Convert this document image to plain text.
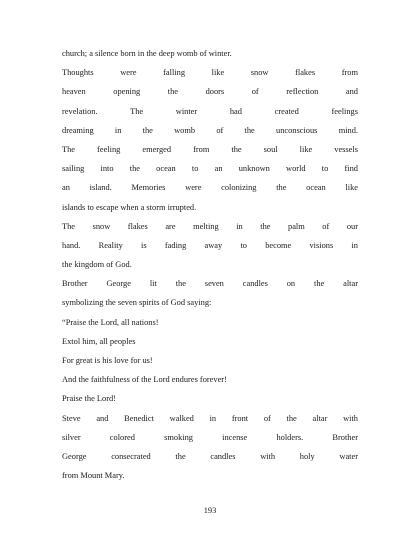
church; a silence born in the deep womb of winter.
Thoughts were falling like snow flakes from
heaven opening the doors of reflection and
revelation. The winter had created feelings
dreaming in the womb of the unconscious mind.
The feeling emerged from the soul like vessels
sailing into the ocean to an unknown world to find
an island. Memories were colonizing the ocean like
islands to escape when a storm irrupted.
The snow flakes are melting in the palm of our
hand. Reality is fading away to become visions in
the kingdom of God.
Brother George lit the seven candles on the altar
symbolizing the seven spirits of God saying:
“Praise the Lord, all nations!
Extol him, all peoples
For great is his love for us!
And the faithfulness of the Lord endures forever!
Praise the Lord!
Steve and Benedict walked in front of the altar with
silver colored smoking incense holders. Brother
George consecrated the candles with holy water
from Mount Mary.
193
